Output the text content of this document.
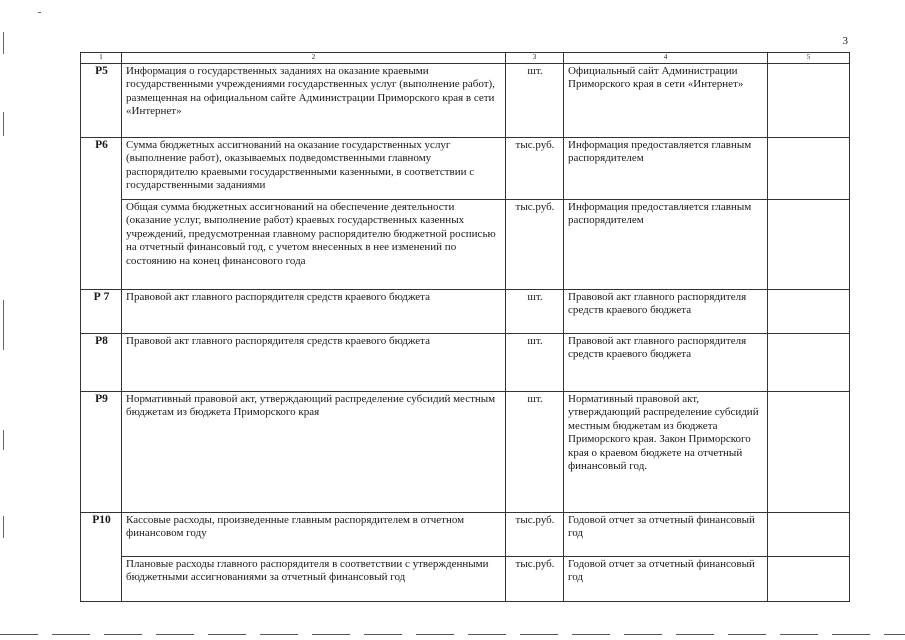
3
1	2	3	4	5
Р5	Информация о государственных заданиях на оказание краевыми государственными учреждениями государственных услуг (выполнение работ), размещенная на официальном сайте Администрации Приморского края в сети «Интернет»	шт.	Официальный сайт Администрации Приморского края в сети «Интернет»	
Р6	Сумма бюджетных ассигнований на оказание государственных услуг (выполнение работ), оказываемых подведомственными главному распорядителю краевыми государственными казенными, в соответствии с государственными заданиями	тыс.руб.	Информация предоставляется главным распорядителем	
	Общая сумма бюджетных ассигнований на обеспечение деятельности (оказание услуг, выполнение работ) краевых государственных казенных учреждений, предусмотренная главному распорядителю бюджетной росписью на отчетный финансовый год, с учетом внесенных в нее изменений по состоянию на конец финансового года	тыс.руб.	Информация предоставляется главным распорядителем	
Р 7	Правовой акт главного распорядителя средств краевого бюджета	шт.	Правовой акт главного распорядителя средств краевого бюджета	
Р8	Правовой акт главного распорядителя средств краевого бюджета	шт.	Правовой акт главного распорядителя средств краевого бюджета	
Р9	Нормативный правовой акт, утверждающий распределение субсидий местным бюджетам из бюджета Приморского края	шт.	Нормативный правовой акт, утверждающий распределение субсидий местным бюджетам из бюджета Приморского края. Закон Приморского края о краевом бюджете на отчетный финансовый год.	
Р10	Кассовые расходы, произведенные главным распорядителем в отчетном финансовом году	тыс.руб.	Годовой отчет за отчетный финансовый год	
	Плановые расходы главного распорядителя в соответствии с утвержденными бюджетными ассигнованиями за отчетный финансовый год	тыс.руб.	Годовой отчет за отчетный финансовый год	
